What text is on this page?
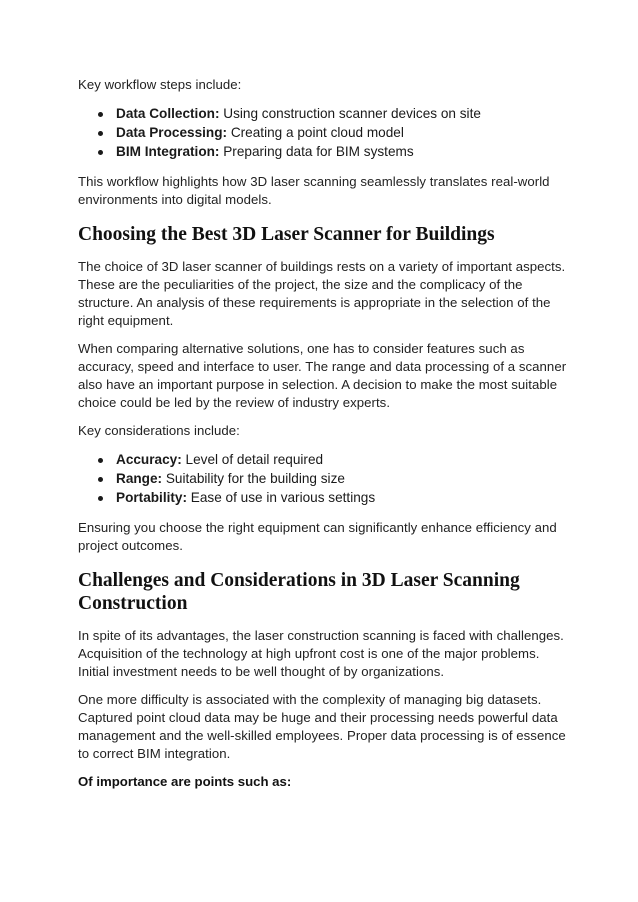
Key workflow steps include:

Data Collection: Using construction scanner devices on site
Data Processing: Creating a point cloud model
BIM Integration: Preparing data for BIM systems

This workflow highlights how 3D laser scanning seamlessly translates real-world environments into digital models.

Choosing the Best 3D Laser Scanner for Buildings

The choice of 3D laser scanner of buildings rests on a variety of important aspects. These are the peculiarities of the project, the size and the complicacy of the structure. An analysis of these requirements is appropriate in the selection of the right equipment.

When comparing alternative solutions, one has to consider features such as accuracy, speed and interface to user. The range and data processing of a scanner also have an important purpose in selection. A decision to make the most suitable choice could be led by the review of industry experts.

Key considerations include:

Accuracy: Level of detail required
Range: Suitability for the building size
Portability: Ease of use in various settings

Ensuring you choose the right equipment can significantly enhance efficiency and project outcomes.

Challenges and Considerations in 3D Laser Scanning Construction

In spite of its advantages, the laser construction scanning is faced with challenges. Acquisition of the technology at high upfront cost is one of the major problems. Initial investment needs to be well thought of by organizations.

One more difficulty is associated with the complexity of managing big datasets. Captured point cloud data may be huge and their processing needs powerful data management and the well-skilled employees. Proper data processing is of essence to correct BIM integration.

Of importance are points such as:
